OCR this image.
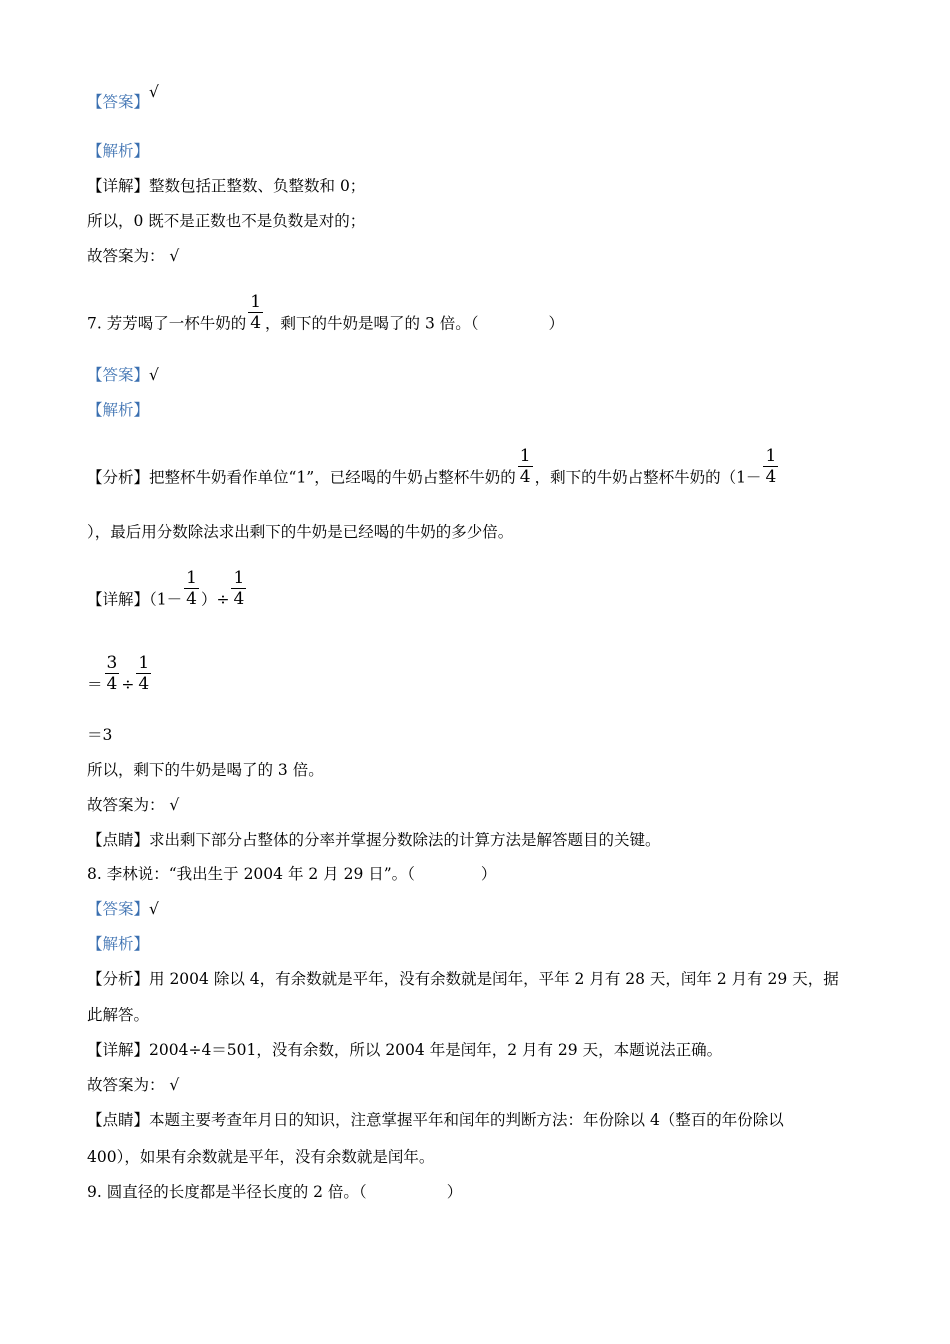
【答案】√
【解析】
【详解】整数包括正整数、负整数和 0；
所以，0 既不是正数也不是负数是对的；
故答案为： √
7. 芳芳喝了一杯牛奶的 $\frac{1}{4}$ ，剩下的牛奶是喝了的 3 倍。（	）
【答案】√
【解析】
【分析】把整杯牛奶看作单位“1”，已经喝的牛奶占整杯牛奶的 $\frac{1}{4}$ ，剩下的牛奶占整杯牛奶的（$1- \frac{1}{4}$
），最后用分数除法求出剩下的牛奶是已经喝的牛奶的多少倍。
【详解】（$1- \frac{1}{4}$ ）÷ $\frac{1}{4}$
＝ $\frac{3}{4} \div \frac{1}{4}$
＝3
所以，剩下的牛奶是喝了的 3 倍。
故答案为： √
【点睛】求出剩下部分占整体的分率并掌握分数除法的计算方法是解答题目的关键。
8. 李林说：“我出生于 2004 年 2 月 29 日”。（	）
【答案】√
【解析】
【分析】用 2004 除以 4，有余数就是平年，没有余数就是闰年，平年 2 月有 28 天，闰年 2 月有 29 天，据
此解答。
【详解】2004÷4＝501，没有余数，所以 2004 年是闰年，2 月有 29 天，本题说法正确。
故答案为： √
【点睛】本题主要考查年月日的知识，注意掌握平年和闰年的判断方法：年份除以 4（整百的年份除以
400），如果有余数就是平年，没有余数就是闰年。
9. 圆直径的长度都是半径长度的 2 倍。（	）
